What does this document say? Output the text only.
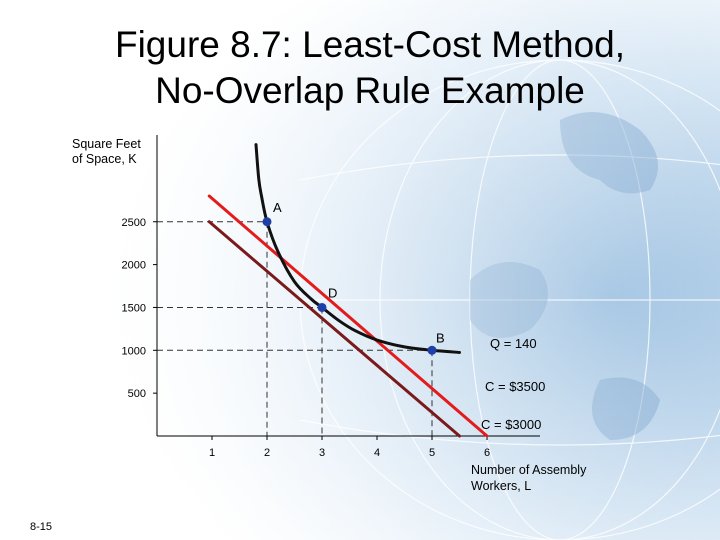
Figure 8.7: Least-Cost Method,
No-Overlap Rule Example
1	2	3	4	5	6
500
1000
1500
2000
2500
A
D
B
Square Feet
of Space, K
Number of Assembly
Workers, L
Q = 140
C = $3500
C = $3000
8-15
